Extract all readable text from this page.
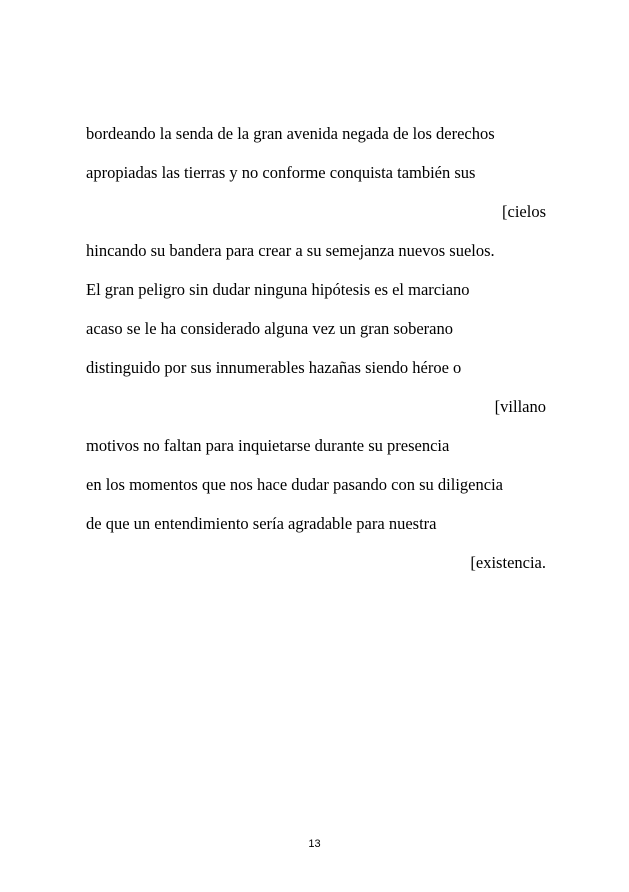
bordeando la senda de la gran avenida negada de los derechos
apropiadas las tierras y no conforme conquista también sus
[cielos
hincando su bandera para crear a su semejanza nuevos suelos.
El gran peligro sin dudar ninguna hipótesis es el marciano
acaso se le ha considerado alguna vez un gran soberano
distinguido por sus innumerables hazañas siendo héroe o
[villano
motivos no faltan para inquietarse durante su presencia
en los momentos que nos hace dudar pasando con su diligencia
de que un entendimiento sería agradable para nuestra
[existencia.
13
